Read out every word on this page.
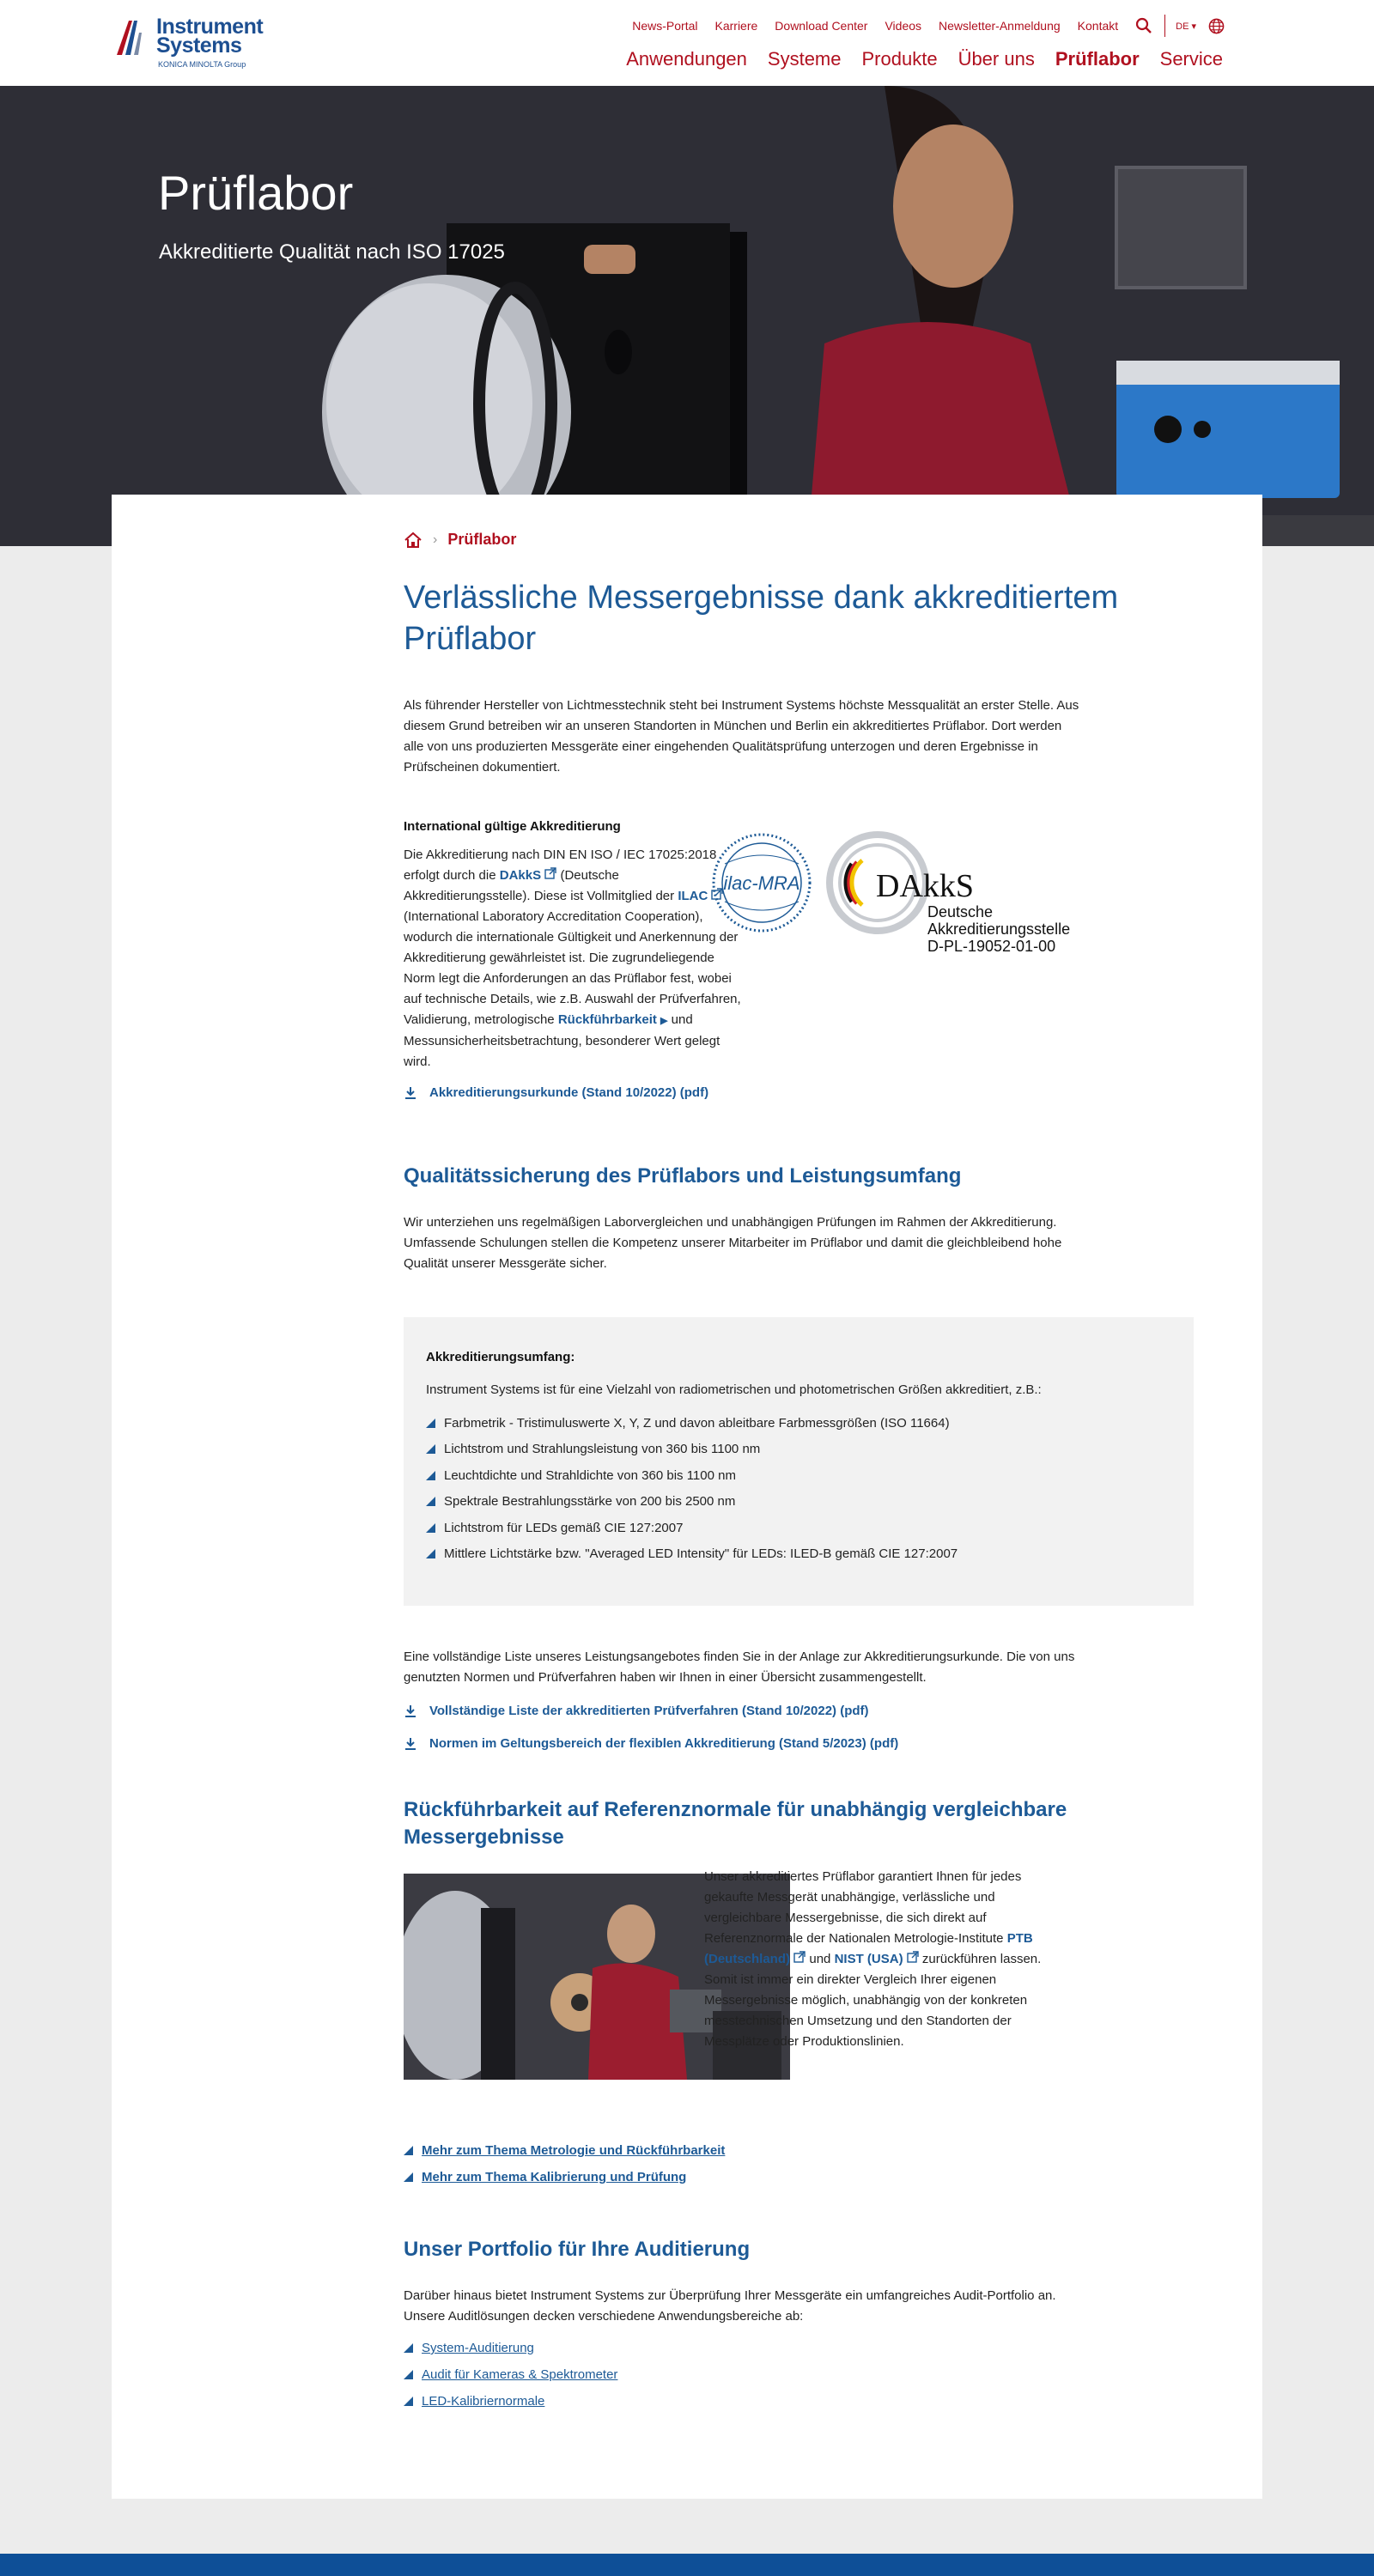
Instrument
Systems
KONICA MINOLTA Group
News-Portal Karriere Download Center Videos Newsletter-Anmeldung Kontakt	DE ▾
Anwendungen Systeme Produkte Über uns Prüflabor Service
Prüflabor
Akkreditierte Qualität nach ISO 17025
› Prüflabor
Verlässliche Messergebnisse dank akkreditiertem Prüflabor

Als führender Hersteller von Lichtmesstechnik steht bei Instrument Systems höchste Messqualität an erster Stelle. Aus diesem Grund betreiben wir an unseren Standorten in München und Berlin ein akkreditiertes Prüflabor. Dort werden alle von uns produzierten Messgeräte einer eingehenden Qualitätsprüfung unterzogen und deren Ergebnisse in Prüfscheinen dokumentiert.

International gültige Akkreditierung

Die Akkreditierung nach DIN EN ISO / IEC 17025:2018 erfolgt durch die DAkkS (Deutsche Akkreditierungsstelle). Diese ist Vollmitglied der ILAC  (International Laboratory Accreditation Cooperation), wodurch die internationale Gültigkeit und Anerkennung der Akkreditierung gewährleistet ist. Die zugrundeliegende Norm legt die Anforderungen an das Prüflabor fest, wobei auf technische Details, wie z.B. Auswahl der Prüfverfahren, Validierung, metrologische Rückführbarkeit ▶ und Messunsicherheitsbetrachtung, besonderer Wert gelegt wird.

Akkreditierungsurkunde (Stand 10/2022) (pdf)
ilac-MRA DAkkS
Deutsche
Akkreditierungsstelle
D-PL-19052-01-00
Qualitätssicherung des Prüflabors und Leistungsumfang

Wir unterziehen uns regelmäßigen Laborvergleichen und unabhängigen Prüfungen im Rahmen der Akkreditierung. Umfassende Schulungen stellen die Kompetenz unserer Mitarbeiter im Prüflabor und damit die gleichbleibend hohe Qualität unserer Messgeräte sicher.

Akkreditierungsumfang:
Instrument Systems ist für eine Vielzahl von radiometrischen und photometrischen Größen akkreditiert, z.B.:
Farbmetrik - Tristimuluswerte X, Y, Z und davon ableitbare Farbmessgrößen (ISO 11664)
Lichtstrom und Strahlungsleistung von 360 bis 1100 nm
Leuchtdichte und Strahldichte von 360 bis 1100 nm
Spektrale Bestrahlungsstärke von 200 bis 2500 nm
Lichtstrom für LEDs gemäß CIE 127:2007
Mittlere Lichtstärke bzw. "Averaged LED Intensity" für LEDs: ILED-B gemäß CIE 127:2007

Eine vollständige Liste unseres Leistungsangebotes finden Sie in der Anlage zur Akkreditierungsurkunde. Die von uns genutzten Normen und Prüfverfahren haben wir Ihnen in einer Übersicht zusammengestellt.

Vollständige Liste der akkreditierten Prüfverfahren (Stand 10/2022) (pdf)
Normen im Geltungsbereich der flexiblen Akkreditierung (Stand 5/2023) (pdf)
Rückführbarkeit auf Referenznormale für unabhängig vergleichbare Messergebnisse

Unser akkreditiertes Prüflabor garantiert Ihnen für jedes gekaufte Messgerät unabhängige, verlässliche und vergleichbare Messergebnisse, die sich direkt auf Referenznormale der Nationalen Metrologie-Institute PTB (Deutschland) und NIST (USA) zurückführen lassen. Somit ist immer ein direkter Vergleich Ihrer eigenen Messergebnisse möglich, unabhängig von der konkreten messtechnischen Umsetzung und den Standorten der Messplätze oder Produktionslinien.

Mehr zum Thema Metrologie und Rückführbarkeit
Mehr zum Thema Kalibrierung und Prüfung
Unser Portfolio für Ihre Auditierung

Darüber hinaus bietet Instrument Systems zur Überprüfung Ihrer Messgeräte ein umfangreiches Audit-Portfolio an. Unsere Auditlösungen decken verschiedene Anwendungsbereiche ab:

System-Auditierung
Audit für Kameras & Spektrometer
LED-Kalibriernormale
